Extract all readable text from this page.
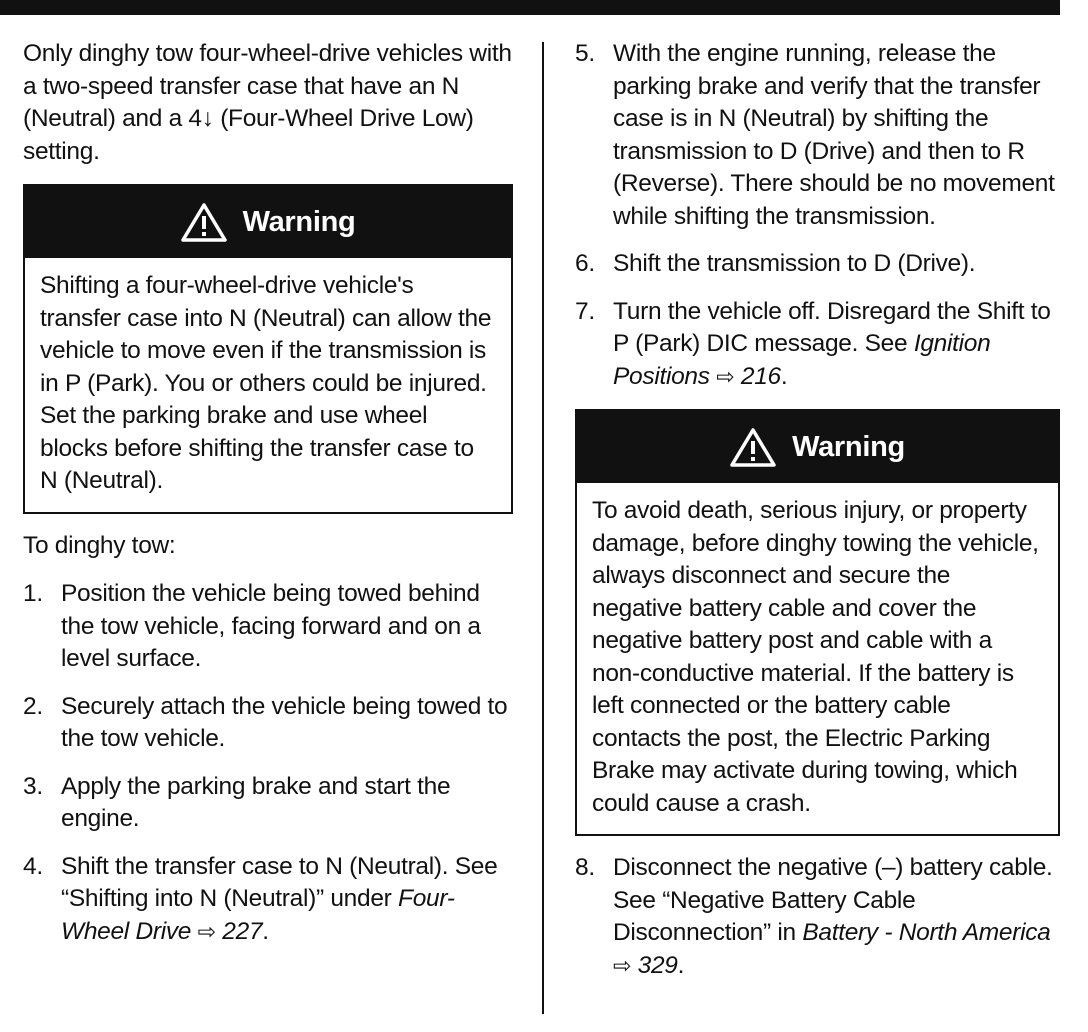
Only dinghy tow four-wheel-drive vehicles with a two-speed transfer case that have an N (Neutral) and a 4↓ (Four-Wheel Drive Low) setting.

Warning
Shifting a four-wheel-drive vehicle's transfer case into N (Neutral) can allow the vehicle to move even if the transmission is in P (Park). You or others could be injured. Set the parking brake and use wheel blocks before shifting the transfer case to N (Neutral).

To dinghy tow:

1. Position the vehicle being towed behind the tow vehicle, facing forward and on a level surface.
2. Securely attach the vehicle being towed to the tow vehicle.
3. Apply the parking brake and start the engine.
4. Shift the transfer case to N (Neutral). See “Shifting into N (Neutral)” under Four-Wheel Drive ⇨ 227.
5. With the engine running, release the parking brake and verify that the transfer case is in N (Neutral) by shifting the transmission to D (Drive) and then to R (Reverse). There should be no movement while shifting the transmission.
6. Shift the transmission to D (Drive).
7. Turn the vehicle off. Disregard the Shift to P (Park) DIC message. See Ignition Positions ⇨ 216.
Warning
To avoid death, serious injury, or property damage, before dinghy towing the vehicle, always disconnect and secure the negative battery cable and cover the negative battery post and cable with a non-conductive material. If the battery is left connected or the battery cable contacts the post, the Electric Parking Brake may activate during towing, which could cause a crash.
8. Disconnect the negative (–) battery cable. See “Negative Battery Cable Disconnection” in Battery - North America ⇨ 329.
